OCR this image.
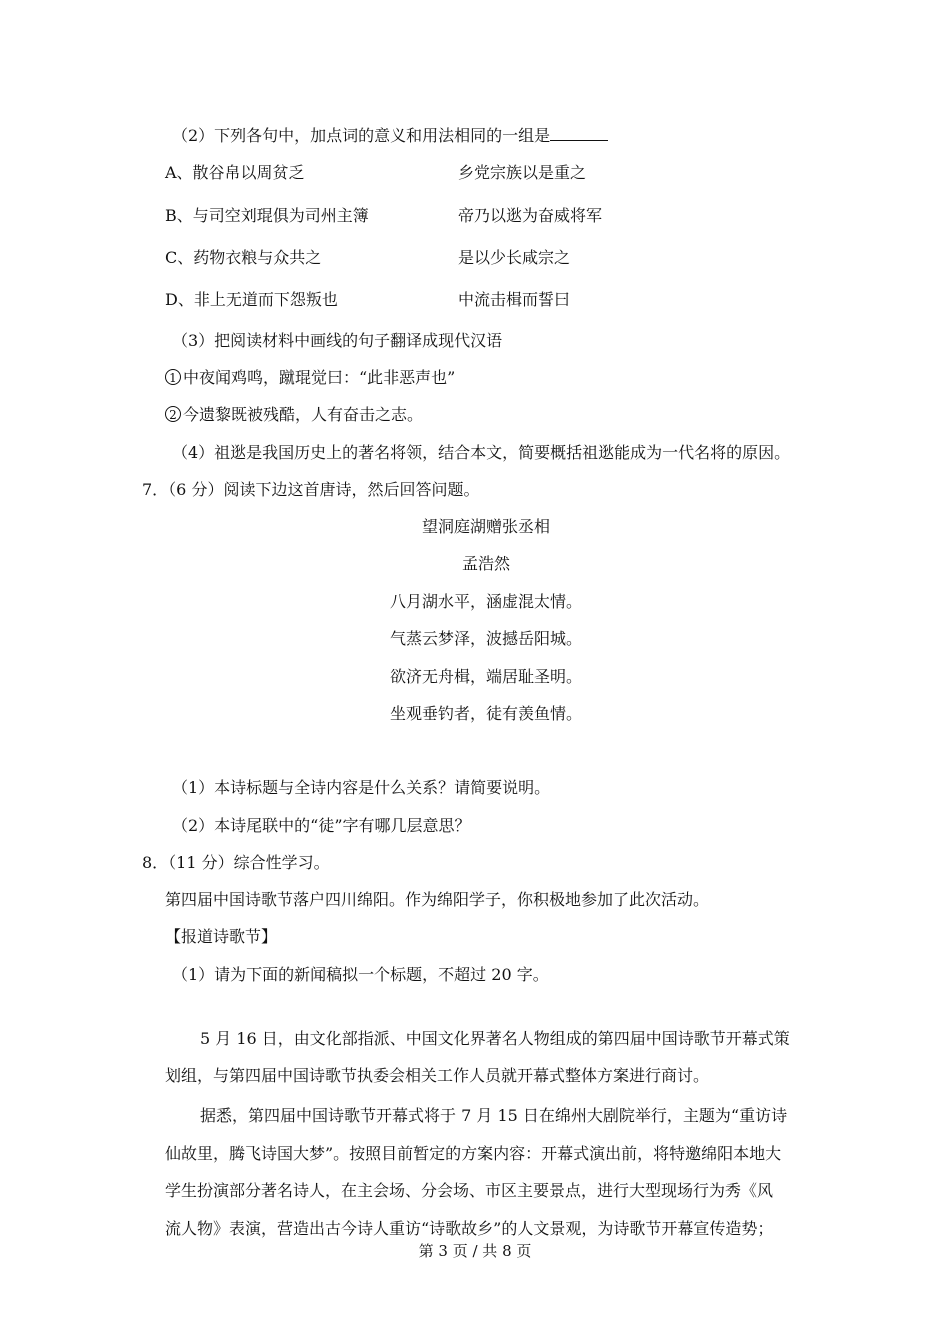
（2）下列各句中，加点词的意义和用法相同的一组是
A、散谷帛以周贫乏	乡党宗族以是重之
B、与司空刘琨俱为司州主簿	帝乃以逖为奋威将军
C、药物衣粮与众共之	是以少长咸宗之
D、非上无道而下怨叛也	中流击楫而誓曰
（3）把阅读材料中画线的句子翻译成现代汉语
1 中夜闻鸡鸣，蹴琨觉曰：“此非恶声也”
2 今遗黎既被残酷，人有奋击之志。
（4）祖逖是我国历史上的著名将领，结合本文，简要概括祖逖能成为一代名将的原因。
7．（6 分）阅读下边这首唐诗，然后回答问题。
望洞庭湖赠张丞相
孟浩然
八月湖水平，涵虚混太情。
气蒸云梦泽，波撼岳阳城。
欲济无舟楫，端居耻圣明。
坐观垂钓者，徒有羡鱼情。
（1）本诗标题与全诗内容是什么关系？请简要说明。
（2）本诗尾联中的“徒”字有哪几层意思？
8．（11 分）综合性学习。
第四届中国诗歌节落户四川绵阳。作为绵阳学子，你积极地参加了此次活动。
【报道诗歌节】
（1）请为下面的新闻稿拟一个标题，不超过 20 字。
5 月 16 日，由文化部指派、中国文化界著名人物组成的第四届中国诗歌节开幕式策
划组，与第四届中国诗歌节执委会相关工作人员就开幕式整体方案进行商讨。
据悉，第四届中国诗歌节开幕式将于 7 月 15 日在绵州大剧院举行，主题为“重访诗
仙故里，腾飞诗国大梦”。按照目前暂定的方案内容：开幕式演出前，将特邀绵阳本地大
学生扮演部分著名诗人，在主会场、分会场、市区主要景点，进行大型现场行为秀《风
流人物》表演，营造出古今诗人重访“诗歌故乡”的人文景观，为诗歌节开幕宣传造势；
第 3 页 / 共 8 页
